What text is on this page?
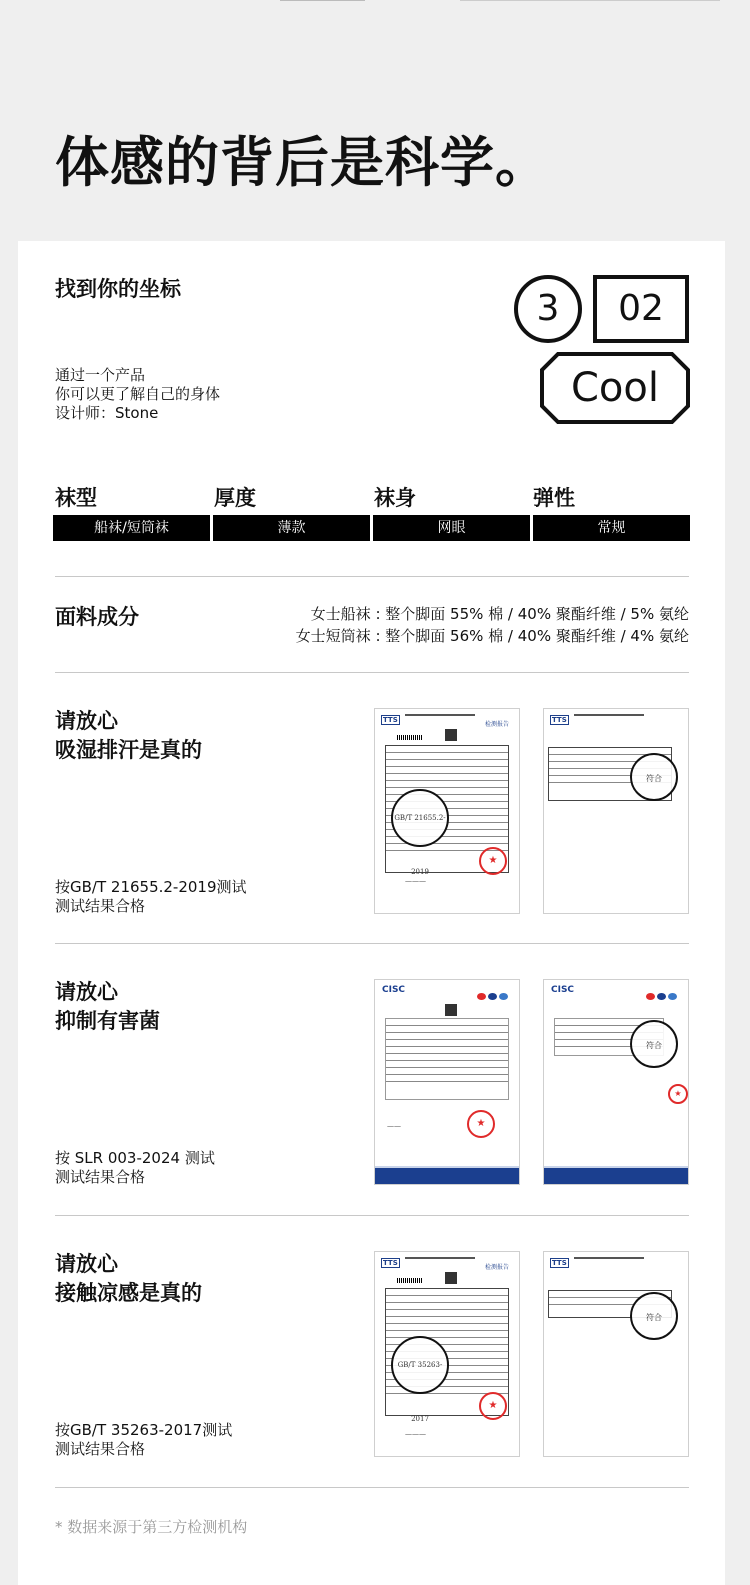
体感的背后是科学。
找到你的坐标
通过一个产品
你可以更了解自己的身体
设计师：Stone
3	02
Cool
袜型	厚度	袜身	弹性
船袜/短筒袜	薄款	网眼	常规
面料成分	女士船袜 : 整个脚面 55% 棉 / 40% 聚酯纤维 / 5% 氨纶
女士短筒袜 : 整个脚面 56% 棉 / 40% 聚酯纤维 / 4% 氨纶
请放心
吸湿排汗是真的
按GB/T 21655.2-2019测试
测试结果合格
TTS
检测报告
GB/T 21655.2-2019
★
———
TTS
符合
请放心
抑制有害菌
按 SLR 003-2024 测试
测试结果合格
CISC
★
——
CISC
符合
★
请放心
接触凉感是真的
按GB/T 35263-2017测试
测试结果合格
TTS
检测报告
GB/T 35263-2017
★
———
TTS
符合
* 数据来源于第三方检测机构
